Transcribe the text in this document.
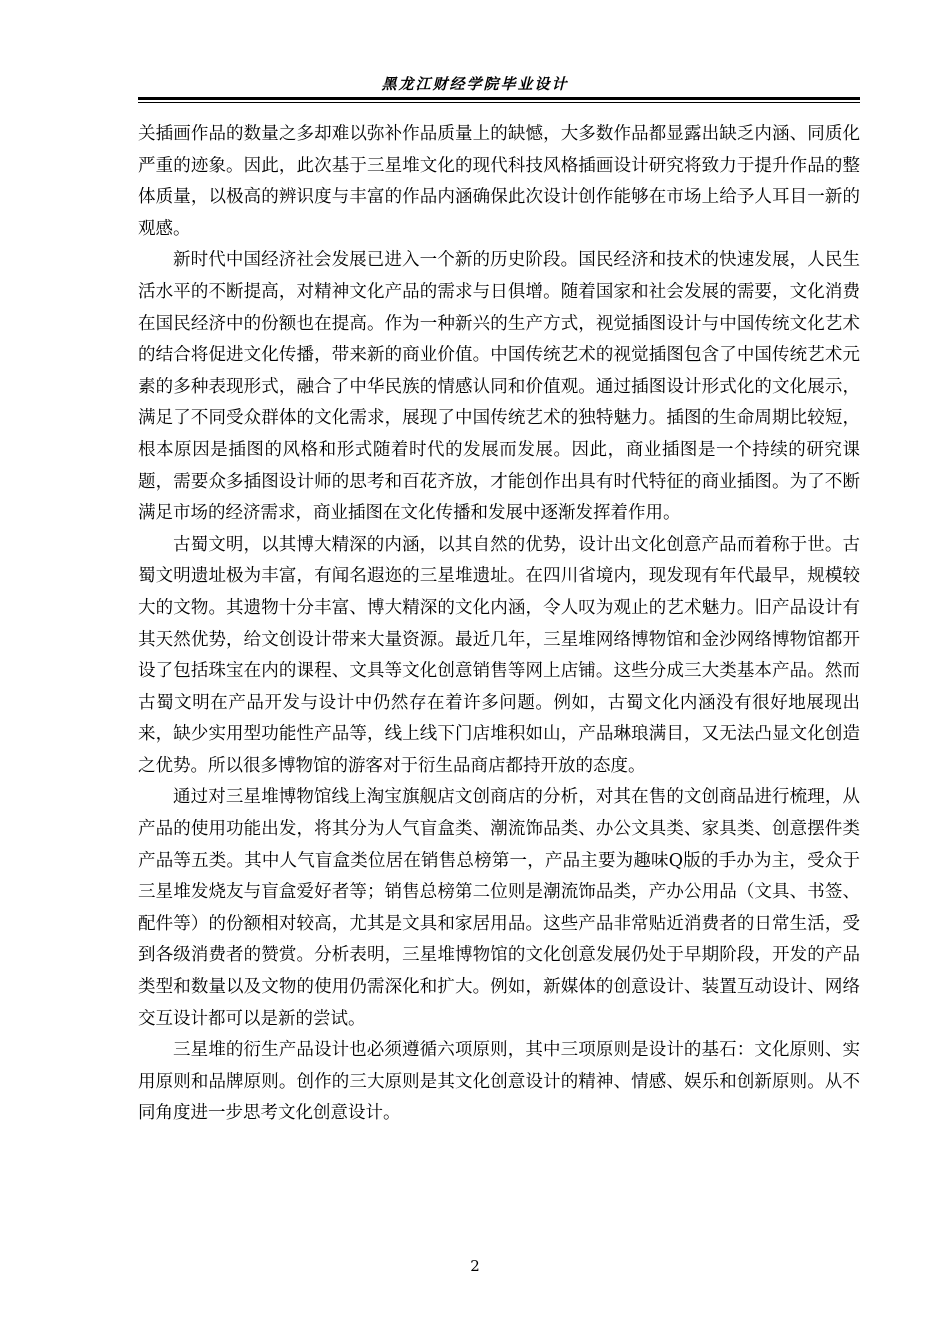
黑龙江财经学院毕业设计

关插画作品的数量之多却难以弥补作品质量上的缺憾，大多数作品都显露出缺乏内涵、同质化严重的迹象。因此，此次基于三星堆文化的现代科技风格插画设计研究将致力于提升作品的整体质量，以极高的辨识度与丰富的作品内涵确保此次设计创作能够在市场上给予人耳目一新的观感。

新时代中国经济社会发展已进入一个新的历史阶段。国民经济和技术的快速发展，人民生活水平的不断提高，对精神文化产品的需求与日俱增。随着国家和社会发展的需要，文化消费在国民经济中的份额也在提高。作为一种新兴的生产方式，视觉插图设计与中国传统文化艺术的结合将促进文化传播，带来新的商业价值。中国传统艺术的视觉插图包含了中国传统艺术元素的多种表现形式，融合了中华民族的情感认同和价值观。通过插图设计形式化的文化展示，满足了不同受众群体的文化需求，展现了中国传统艺术的独特魅力。插图的生命周期比较短，根本原因是插图的风格和形式随着时代的发展而发展。因此，商业插图是一个持续的研究课题，需要众多插图设计师的思考和百花齐放，才能创作出具有时代特征的商业插图。为了不断满足市场的经济需求，商业插图在文化传播和发展中逐渐发挥着作用。

古蜀文明，以其博大精深的内涵，以其自然的优势，设计出文化创意产品而着称于世。古蜀文明遗址极为丰富，有闻名遐迩的三星堆遗址。在四川省境内，现发现有年代最早，规模较大的文物。其遗物十分丰富、博大精深的文化内涵，令人叹为观止的艺术魅力。旧产品设计有其天然优势，给文创设计带来大量资源。最近几年，三星堆网络博物馆和金沙网络博物馆都开设了包括珠宝在内的课程、文具等文化创意销售等网上店铺。这些分成三大类基本产品。然而古蜀文明在产品开发与设计中仍然存在着许多问题。例如，古蜀文化内涵没有很好地展现出来，缺少实用型功能性产品等，线上线下门店堆积如山，产品琳琅满目，又无法凸显文化创造之优势。所以很多博物馆的游客对于衍生品商店都持开放的态度。

通过对三星堆博物馆线上淘宝旗舰店文创商店的分析，对其在售的文创商品进行梳理，从产品的使用功能出发，将其分为人气盲盒类、潮流饰品类、办公文具类、家具类、创意摆件类产品等五类。其中人气盲盒类位居在销售总榜第一，产品主要为趣味Q版的手办为主，受众于三星堆发烧友与盲盒爱好者等；销售总榜第二位则是潮流饰品类，产办公用品（文具、书签、配件等）的份额相对较高，尤其是文具和家居用品。这些产品非常贴近消费者的日常生活，受到各级消费者的赞赏。分析表明，三星堆博物馆的文化创意发展仍处于早期阶段，开发的产品类型和数量以及文物的使用仍需深化和扩大。例如，新媒体的创意设计、装置互动设计、网络交互设计都可以是新的尝试。

三星堆的衍生产品设计也必须遵循六项原则，其中三项原则是设计的基石：文化原则、实用原则和品牌原则。创作的三大原则是其文化创意设计的精神、情感、娱乐和创新原则。从不同角度进一步思考文化创意设计。

2
